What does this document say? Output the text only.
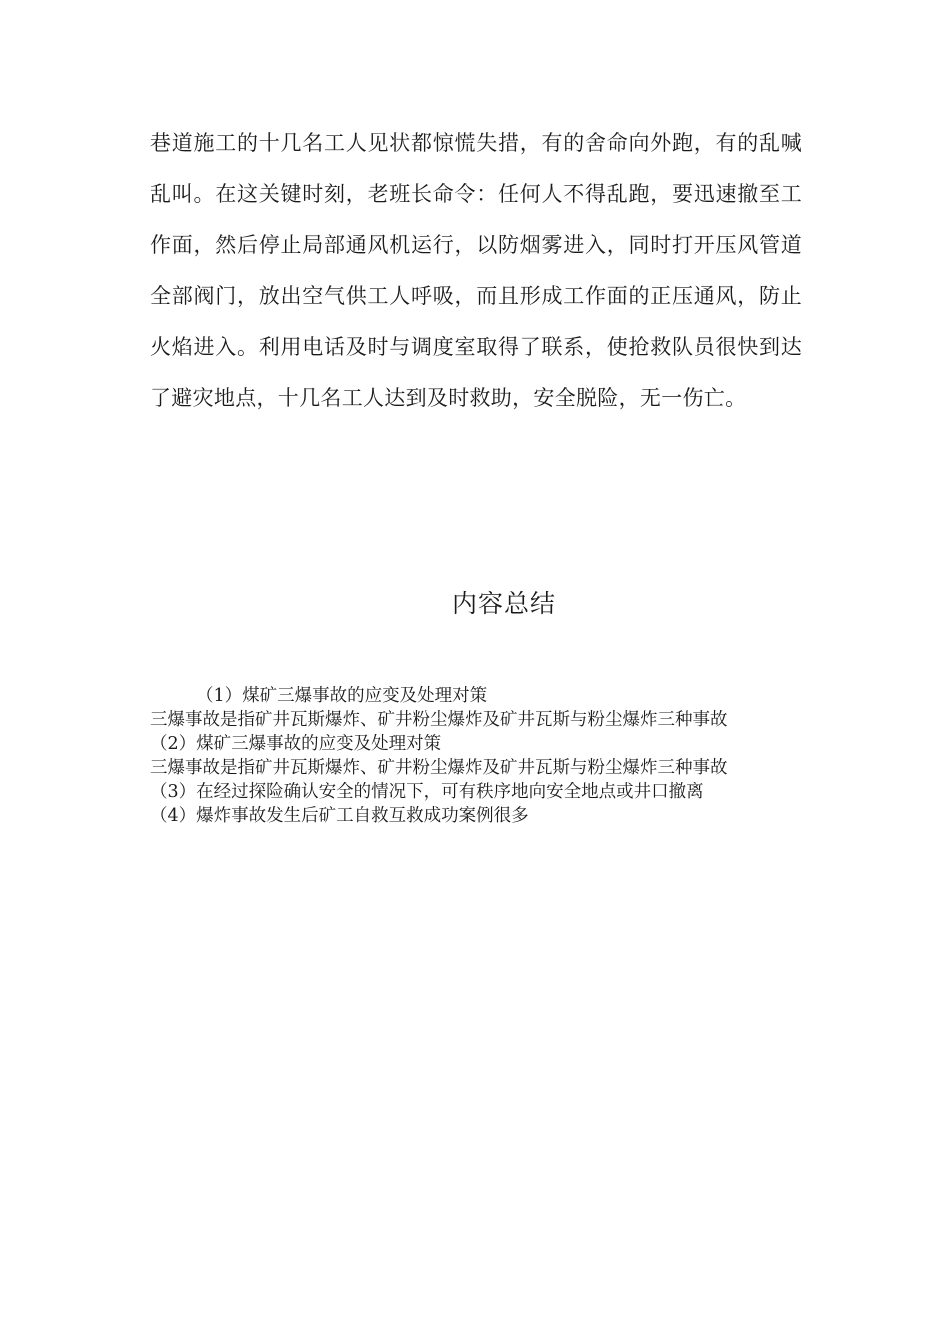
巷道施工的十几名工人见状都惊慌失措，有的舍命向外跑，有的乱喊乱叫。在这关键时刻，老班长命令：任何人不得乱跑，要迅速撤至工作面，然后停止局部通风机运行，以防烟雾进入，同时打开压风管道全部阀门，放出空气供工人呼吸，而且形成工作面的正压通风，防止火焰进入。利用电话及时与调度室取得了联系，使抢救队员很快到达了避灾地点，十几名工人达到及时救助，安全脱险，无一伤亡。

内容总结

（1）煤矿三爆事故的应变及处理对策

三爆事故是指矿井瓦斯爆炸、矿井粉尘爆炸及矿井瓦斯与粉尘爆炸三种事故

（2）煤矿三爆事故的应变及处理对策

三爆事故是指矿井瓦斯爆炸、矿井粉尘爆炸及矿井瓦斯与粉尘爆炸三种事故

（3）在经过探险确认安全的情况下，可有秩序地向安全地点或井口撤离

（4）爆炸事故发生后矿工自救互救成功案例很多
